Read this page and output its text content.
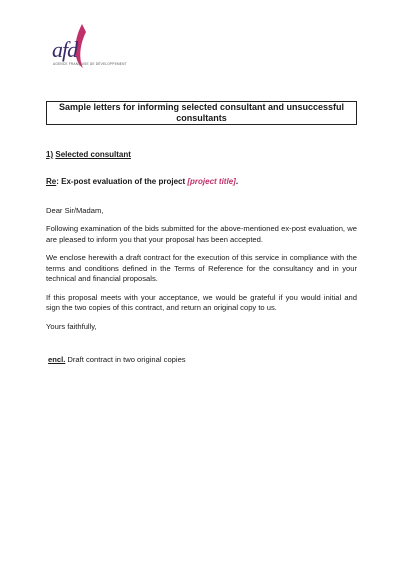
afd
AGENCE FRANÇAISE DE DÉVELOPPEMENT
Sample letters for informing selected consultant and unsuccessful consultants

1) Selected consultant

Re: Ex-post evaluation of the project [project title].

Dear Sir/Madam,

Following examination of the bids submitted for the above-mentioned ex-post evaluation, we are pleased to inform you that your proposal has been accepted.

We enclose herewith a draft contract for the execution of this service in compliance with the terms and conditions defined in the Terms of Reference for the consultancy and in your technical and financial proposals.

If this proposal meets with your acceptance, we would be grateful if you would initial and sign the two copies of this contract, and return an original copy to us.

Yours faithfully,

encl. Draft contract in two original copies
